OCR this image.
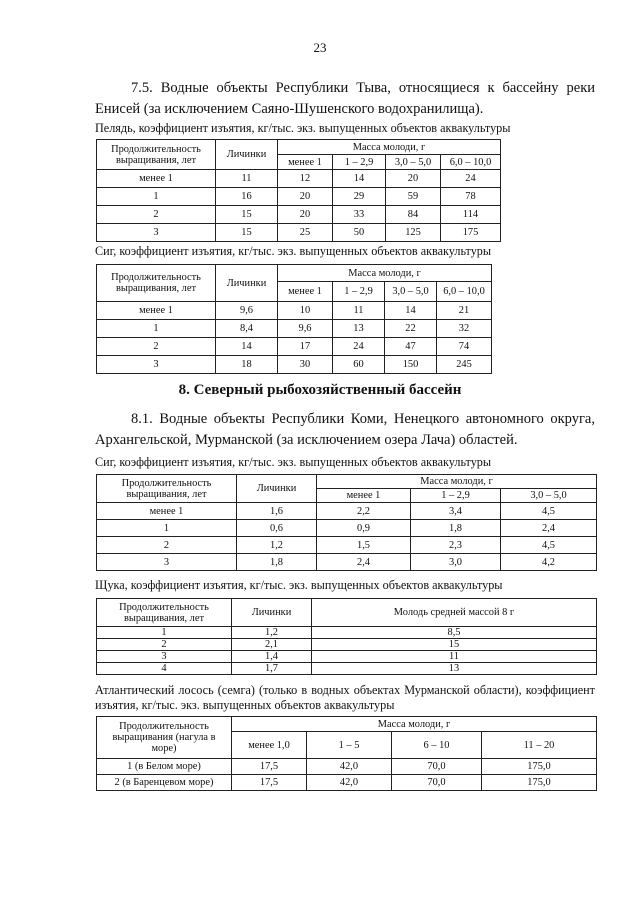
23
7.5. Водные объекты Республики Тыва, относящиеся к бассейну реки Енисей (за исключением Саяно-Шушенского водохранилища).
Пелядь, коэффициент изъятия, кг/тыс. экз. выпущенных объектов аквакультуры
Продолжительность выращивания, лет	Личинки	Масса молоди, г			
		менее 1	1 – 2,9	3,0 – 5,0	6,0 – 10,0
менее 1	11	12	14	20	24
1	16	20	29	59	78
2	15	20	33	84	114
3	15	25	50	125	175
Сиг, коэффициент изъятия, кг/тыс. экз. выпущенных объектов аквакультуры
Продолжительность выращивания, лет	Личинки	Масса молоди, г			
		менее 1	1 – 2,9	3,0 – 5,0	6,0 – 10,0
менее 1	9,6	10	11	14	21
1	8,4	9,6	13	22	32
2	14	17	24	47	74
3	18	30	60	150	245
8. Северный рыбохозяйственный бассейн
8.1. Водные объекты Республики Коми, Ненецкого автономного округа, Архангельской, Мурманской (за исключением озера Лача) областей.
Сиг, коэффициент изъятия, кг/тыс. экз. выпущенных объектов аквакультуры
Продолжительность выращивания, лет	Личинки	Масса молоди, г		
		менее 1	1 – 2,9	3,0 – 5,0
менее 1	1,6	2,2	3,4	4,5
1	0,6	0,9	1,8	2,4
2	1,2	1,5	2,3	4,5
3	1,8	2,4	3,0	4,2
Щука, коэффициент изъятия, кг/тыс. экз. выпущенных объектов аквакультуры
Продолжительность выращивания, лет	Личинки	Молодь средней массой 8 г
1	1,2	8,5
2	2,1	15
3	1,4	11
4	1,7	13
Атлантический лосось (семга) (только в водных объектах Мурманской области), коэффициент изъятия, кг/тыс. экз. выпущенных объектов аквакультуры
Продолжительность выращивания (нагула в море)	Масса молоди, г			
	менее 1,0	1 – 5	6 – 10	11 – 20
1 (в Белом море)	17,5	42,0	70,0	175,0
2 (в Баренцевом море)	17,5	42,0	70,0	175,0
